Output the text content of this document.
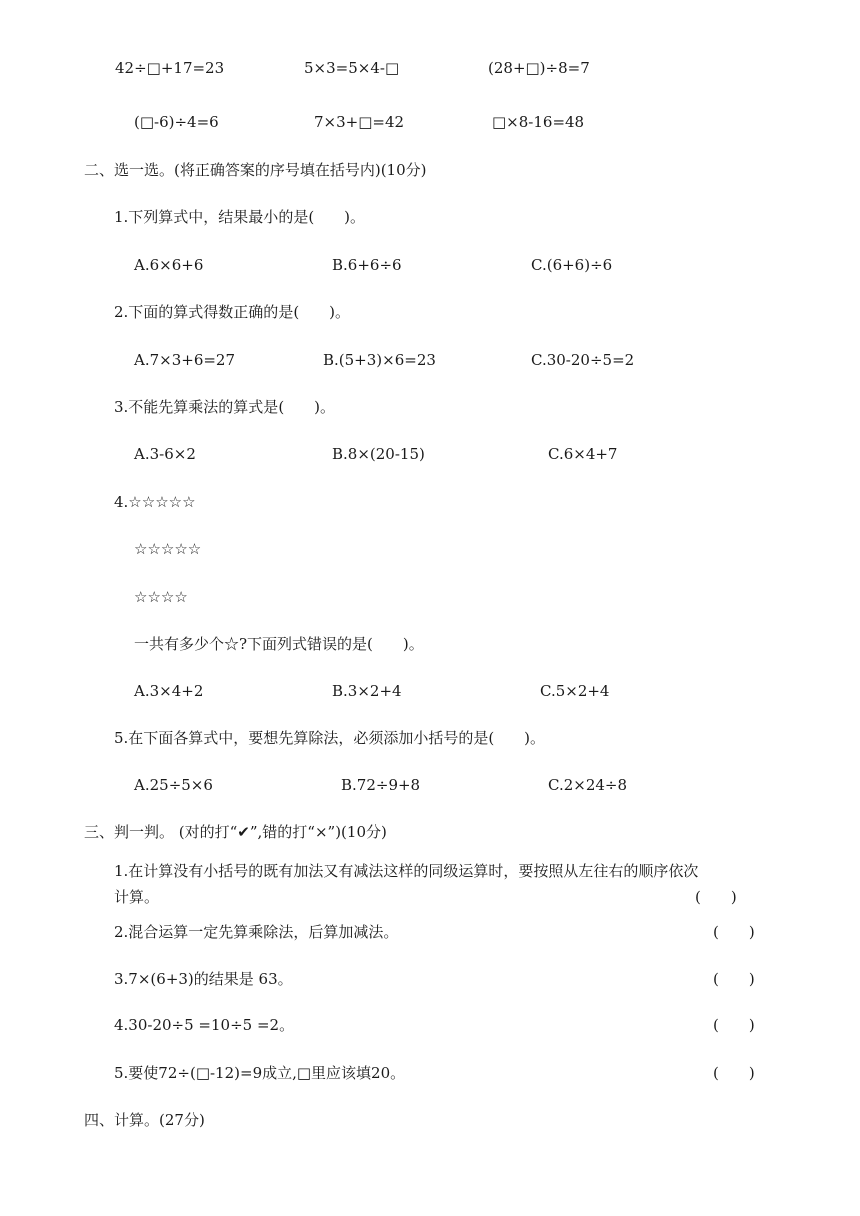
42÷□+17=23	5×3=5×4-□	(28+□)÷8=7
(□-6)÷4=6	7×3+□=42	□×8-16=48
二、选一选。(将正确答案的序号填在括号内)(10分)
1.下列算式中，结果最小的是(　　)。
A.6×6+6	B.6+6÷6	C.(6+6)÷6
2.下面的算式得数正确的是(　　)。
A.7×3+6=27	B.(5+3)×6=23	C.30-20÷5=2
3.不能先算乘法的算式是(　　)。
A.3-6×2	B.8×(20-15)	C.6×4+7
4.☆☆☆☆☆
☆☆☆☆☆
☆☆☆☆
一共有多少个☆?下面列式错误的是(　　)。
A.3×4+2	B.3×2+4	C.5×2+4
5.在下面各算式中，要想先算除法，必须添加小括号的是(　　)。
A.25÷5×6	B.72÷9+8	C.2×24÷8
三、判一判。 (对的打“✔”,错的打“×”)(10分)
1.在计算没有小括号的既有加法又有减法这样的同级运算时，要按照从左往右的顺序依次
计算。	(　　)
2.混合运算一定先算乘除法，后算加减法。	(　　)
3.7×(6+3)的结果是 63。	(　　)
4.30-20÷5 =10÷5 =2。	(　　)
5.要使72÷(□-12)=9成立,□里应该填20。	(　　)
四、计算。(27分)
